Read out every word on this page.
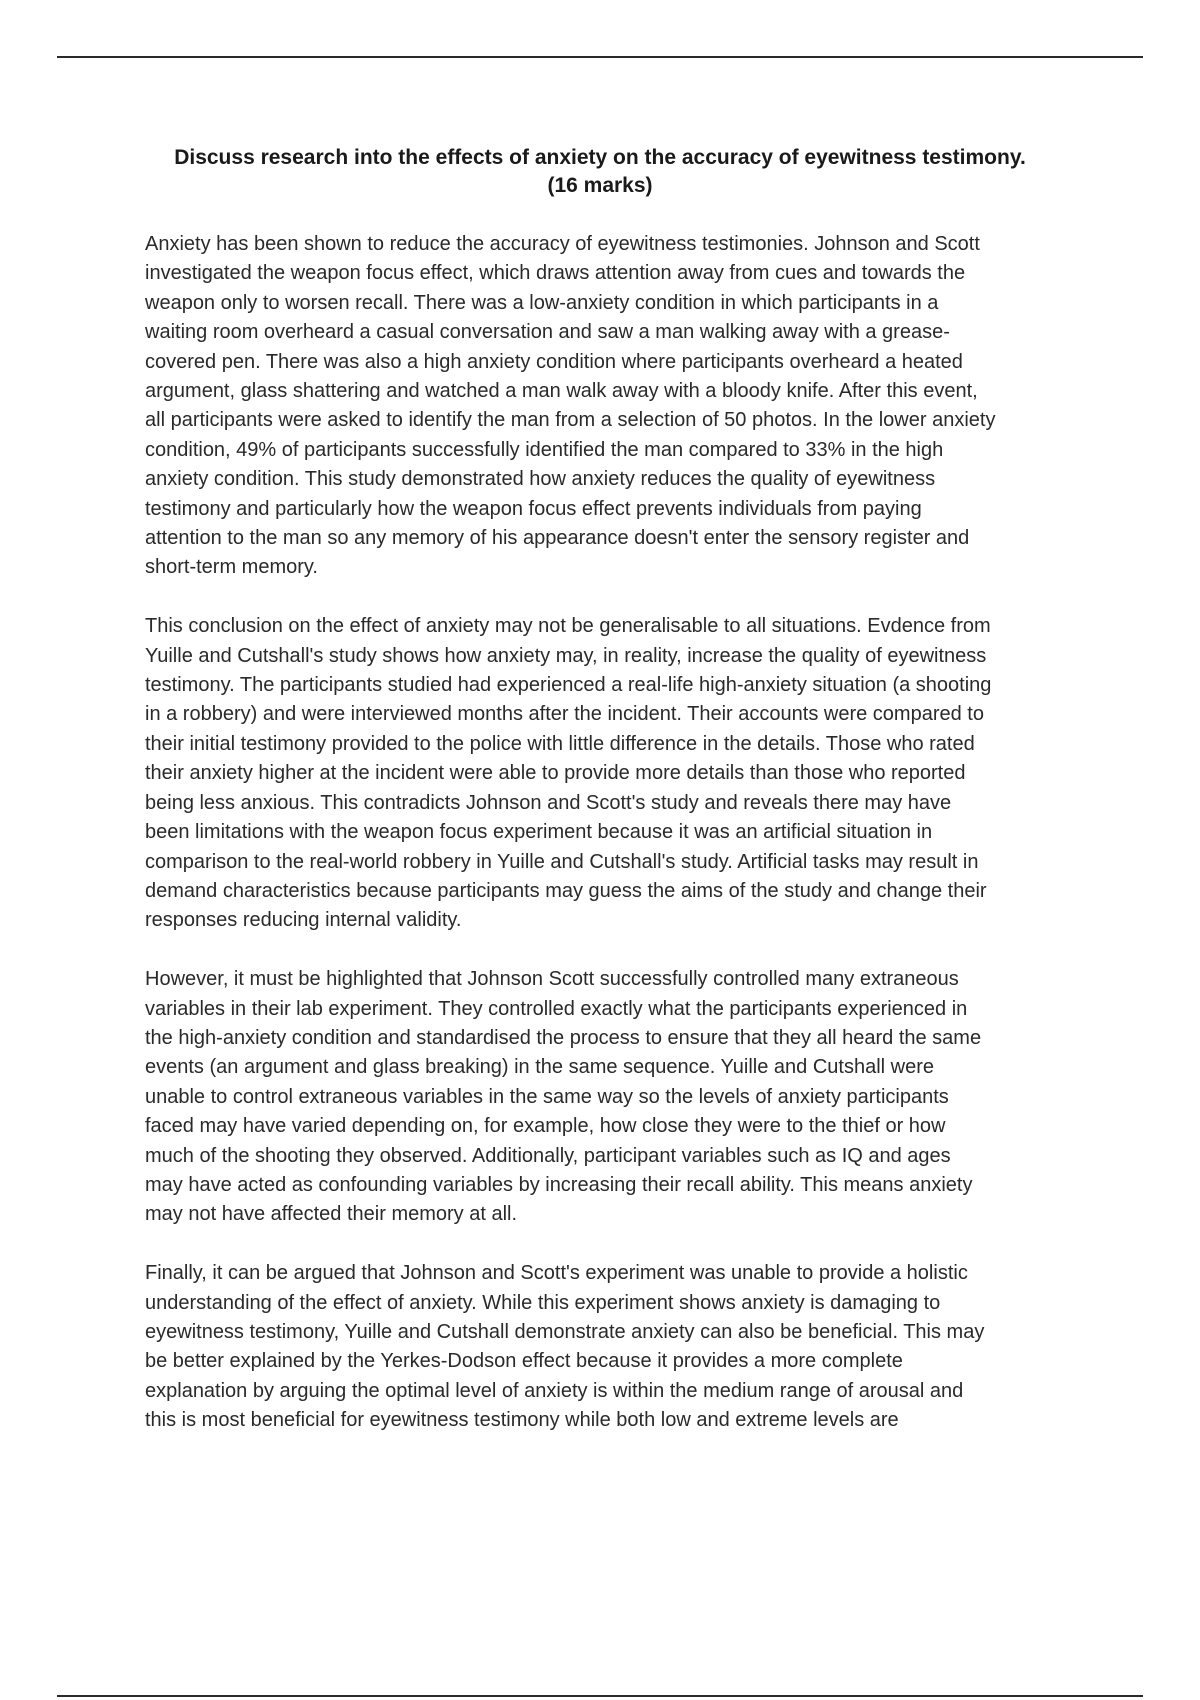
Discuss research into the effects of anxiety on the accuracy of eyewitness testimony.
(16 marks)

Anxiety has been shown to reduce the accuracy of eyewitness testimonies. Johnson and Scott
investigated the weapon focus effect, which draws attention away from cues and towards the
weapon only to worsen recall. There was a low-anxiety condition in which participants in a
waiting room overheard a casual conversation and saw a man walking away with a grease-
covered pen. There was also a high anxiety condition where participants overheard a heated
argument, glass shattering and watched a man walk away with a bloody knife. After this event,
all participants were asked to identify the man from a selection of 50 photos. In the lower anxiety
condition, 49% of participants successfully identified the man compared to 33% in the high
anxiety condition. This study demonstrated how anxiety reduces the quality of eyewitness
testimony and particularly how the weapon focus effect prevents individuals from paying
attention to the man so any memory of his appearance doesn't enter the sensory register and
short-term memory.

This conclusion on the effect of anxiety may not be generalisable to all situations. Evdence from
Yuille and Cutshall's study shows how anxiety may, in reality, increase the quality of eyewitness
testimony. The participants studied had experienced a real-life high-anxiety situation (a shooting
in a robbery) and were interviewed months after the incident. Their accounts were compared to
their initial testimony provided to the police with little difference in the details. Those who rated
their anxiety higher at the incident were able to provide more details than those who reported
being less anxious. This contradicts Johnson and Scott's study and reveals there may have
been limitations with the weapon focus experiment because it was an artificial situation in
comparison to the real-world robbery in Yuille and Cutshall's study. Artificial tasks may result in
demand characteristics because participants may guess the aims of the study and change their
responses reducing internal validity.

However, it must be highlighted that Johnson Scott successfully controlled many extraneous
variables in their lab experiment. They controlled exactly what the participants experienced in
the high-anxiety condition and standardised the process to ensure that they all heard the same
events (an argument and glass breaking) in the same sequence. Yuille and Cutshall were
unable to control extraneous variables in the same way so the levels of anxiety participants
faced may have varied depending on, for example, how close they were to the thief or how
much of the shooting they observed. Additionally, participant variables such as IQ and ages
may have acted as confounding variables by increasing their recall ability. This means anxiety
may not have affected their memory at all.

Finally, it can be argued that Johnson and Scott's experiment was unable to provide a holistic
understanding of the effect of anxiety. While this experiment shows anxiety is damaging to
eyewitness testimony, Yuille and Cutshall demonstrate anxiety can also be beneficial. This may
be better explained by the Yerkes-Dodson effect because it provides a more complete
explanation by arguing the optimal level of anxiety is within the medium range of arousal and
this is most beneficial for eyewitness testimony while both low and extreme levels are
